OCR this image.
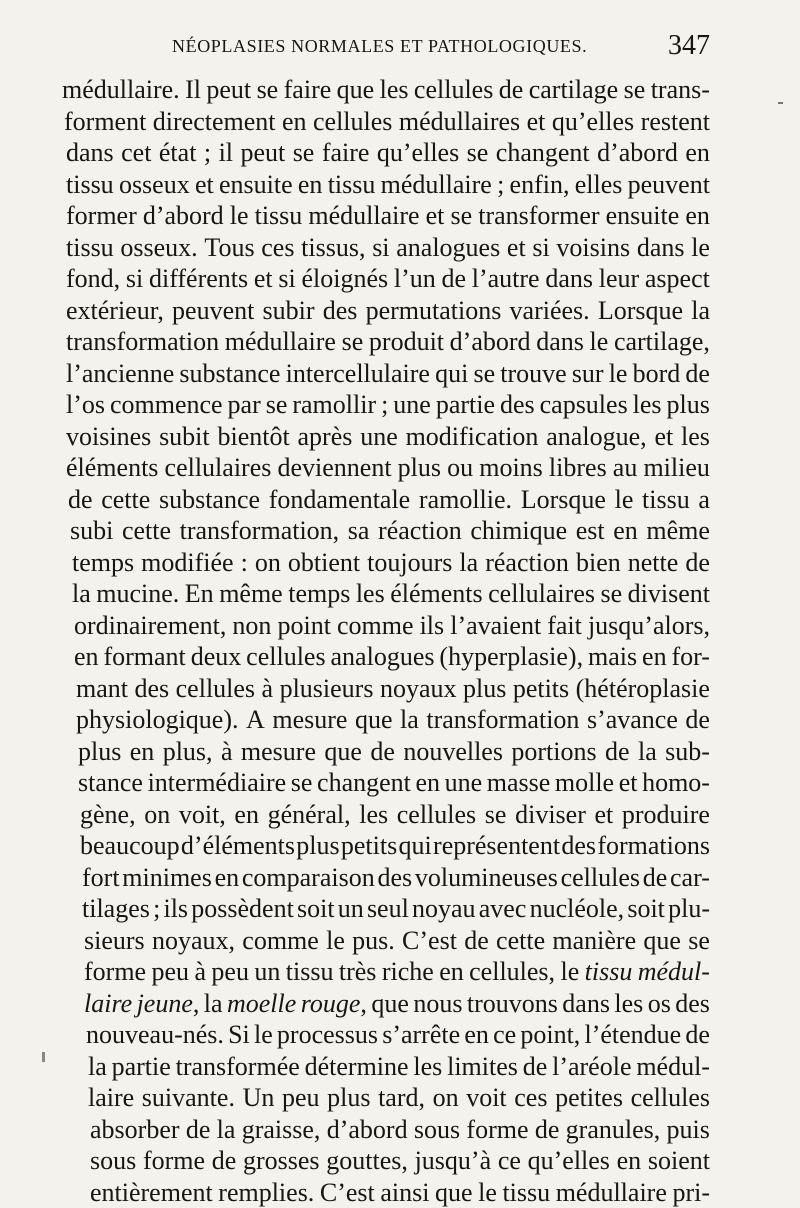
NÉOPLASIES NORMALES ET PATHOLOGIQUES.	347
médullaire. Il peut se faire que les cellules de cartilage se trans-
forment directement en cellules médullaires et qu’elles restent
dans cet état ; il peut se faire qu’elles se changent d’abord en
tissu osseux et ensuite en tissu médullaire ; enfin, elles peuvent
former d’abord le tissu médullaire et se transformer ensuite en
tissu osseux. Tous ces tissus, si analogues et si voisins dans le
fond, si différents et si éloignés l’un de l’autre dans leur aspect
extérieur, peuvent subir des permutations variées. Lorsque la
transformation médullaire se produit d’abord dans le cartilage,
l’ancienne substance intercellulaire qui se trouve sur le bord de
l’os commence par se ramollir ; une partie des capsules les plus
voisines subit bientôt après une modification analogue, et les
éléments cellulaires deviennent plus ou moins libres au milieu
de cette substance fondamentale ramollie. Lorsque le tissu a
subi cette transformation, sa réaction chimique est en même
temps modifiée : on obtient toujours la réaction bien nette de
la mucine. En même temps les éléments cellulaires se divisent
ordinairement, non point comme ils l’avaient fait jusqu’alors,
en formant deux cellules analogues (hyperplasie), mais en for-
mant des cellules à plusieurs noyaux plus petits (hétéroplasie
physiologique). A mesure que la transformation s’avance de
plus en plus, à mesure que de nouvelles portions de la sub-
stance intermédiaire se changent en une masse molle et homo-
gène, on voit, en général, les cellules se diviser et produire
beaucoup d’éléments plus petits qui représentent des formations
fort minimes en comparaison des volumineuses cellules de car-
tilages ; ils possèdent soit un seul noyau avec nucléole, soit plu-
sieurs noyaux, comme le pus. C’est de cette manière que se
forme peu à peu un tissu très riche en cellules, le tissu médul-
laire jeune, la moelle rouge, que nous trouvons dans les os des
nouveau-nés. Si le processus s’arrête en ce point, l’étendue de
la partie transformée détermine les limites de l’aréole médul-
laire suivante. Un peu plus tard, on voit ces petites cellules
absorber de la graisse, d’abord sous forme de granules, puis
sous forme de grosses gouttes, jusqu’à ce qu’elles en soient
entièrement remplies. C’est ainsi que le tissu médullaire pri-
